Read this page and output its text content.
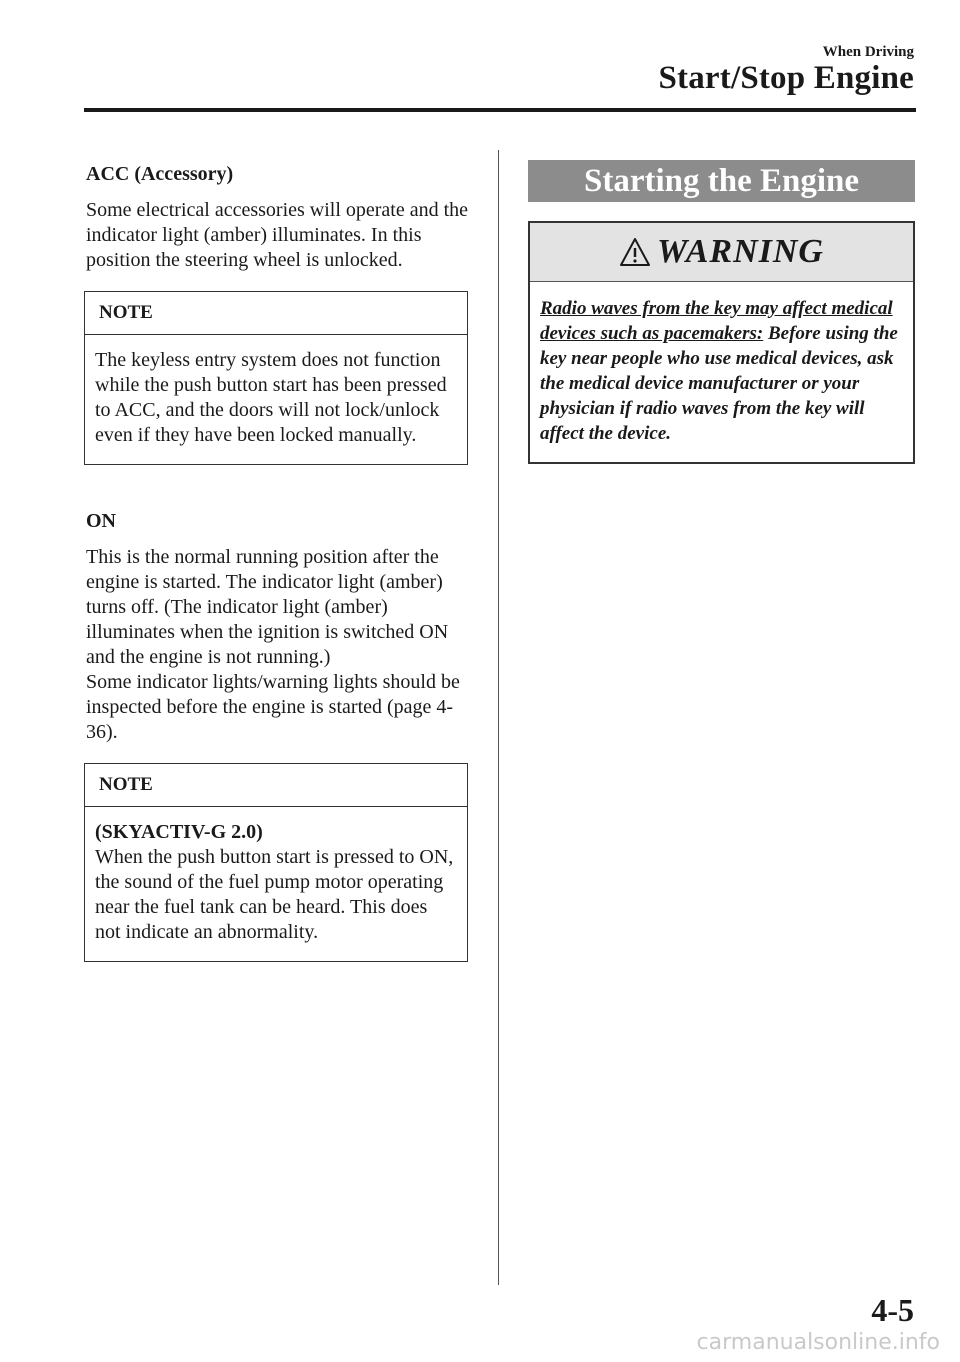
When Driving
Start/Stop Engine

ACC (Accessory)

Some electrical accessories will operate and the indicator light (amber) illuminates. In this position the steering wheel is unlocked.

NOTE
The keyless entry system does not function while the push button start has been pressed to ACC, and the doors will not lock/unlock even if they have been locked manually.

ON

This is the normal running position after the engine is started. The indicator light (amber) turns off. (The indicator light (amber) illuminates when the ignition is switched ON and the engine is not running.)

Some indicator lights/warning lights should be inspected before the engine is started (page 4-36).

NOTE
(SKYACTIV-G 2.0)
When the push button start is pressed to ON, the sound of the fuel pump motor operating near the fuel tank can be heard. This does not indicate an abnormality.
Starting the Engine
WARNING
Radio waves from the key may affect medical devices such as pacemakers: Before using the key near people who use medical devices, ask the medical device manufacturer or your physician if radio waves from the key will affect the device.
4-5
carmanualsonline.info
